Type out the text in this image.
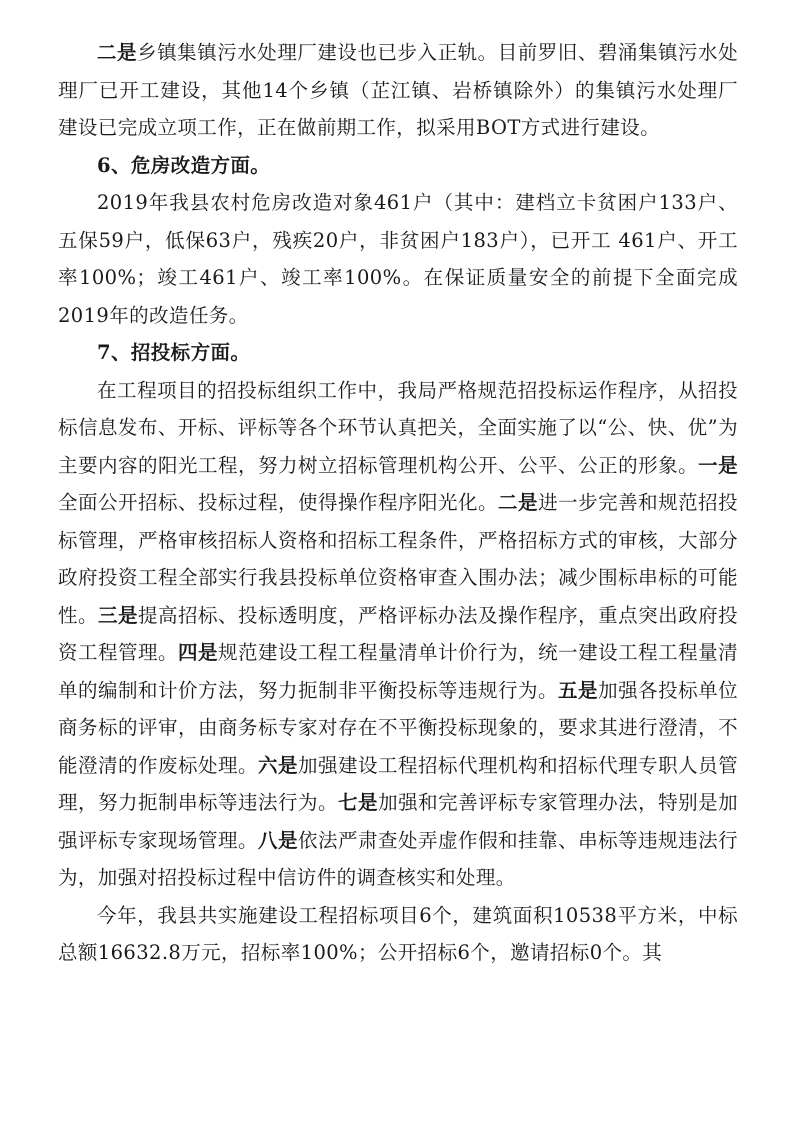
二是乡镇集镇污水处理厂建设也已步入正轨。目前罗旧、碧涌集镇污水处理厂已开工建设，其他14个乡镇（芷江镇、岩桥镇除外）的集镇污水处理厂建设已完成立项工作，正在做前期工作，拟采用BOT方式进行建设。

6、危房改造方面。

2019年我县农村危房改造对象461户（其中：建档立卡贫困户133户、五保59户，低保63户，残疾20户，非贫困户183户），已开工 461户、开工率100%；竣工461户、竣工率100%。在保证质量安全的前提下全面完成2019年的改造任务。

7、招投标方面。

在工程项目的招投标组织工作中，我局严格规范招投标运作程序，从招投标信息发布、开标、评标等各个环节认真把关，全面实施了以“公、快、优”为主要内容的阳光工程，努力树立招标管理机构公开、公平、公正的形象。一是全面公开招标、投标过程，使得操作程序阳光化。二是进一步完善和规范招投标管理，严格审核招标人资格和招标工程条件，严格招标方式的审核，大部分政府投资工程全部实行我县投标单位资格审查入围办法；减少围标串标的可能性。三是提高招标、投标透明度，严格评标办法及操作程序，重点突出政府投资工程管理。四是规范建设工程工程量清单计价行为，统一建设工程工程量清单的编制和计价方法，努力扼制非平衡投标等违规行为。五是加强各投标单位商务标的评审，由商务标专家对存在不平衡投标现象的，要求其进行澄清，不能澄清的作废标处理。六是加强建设工程招标代理机构和招标代理专职人员管理，努力扼制串标等违法行为。七是加强和完善评标专家管理办法，特别是加强评标专家现场管理。八是依法严肃查处弄虚作假和挂靠、串标等违规违法行为，加强对招投标过程中信访件的调查核实和处理。

今年，我县共实施建设工程招标项目6个，建筑面积10538平方米，中标总额16632.8万元，招标率100%；公开招标6个，邀请招标0个。其
